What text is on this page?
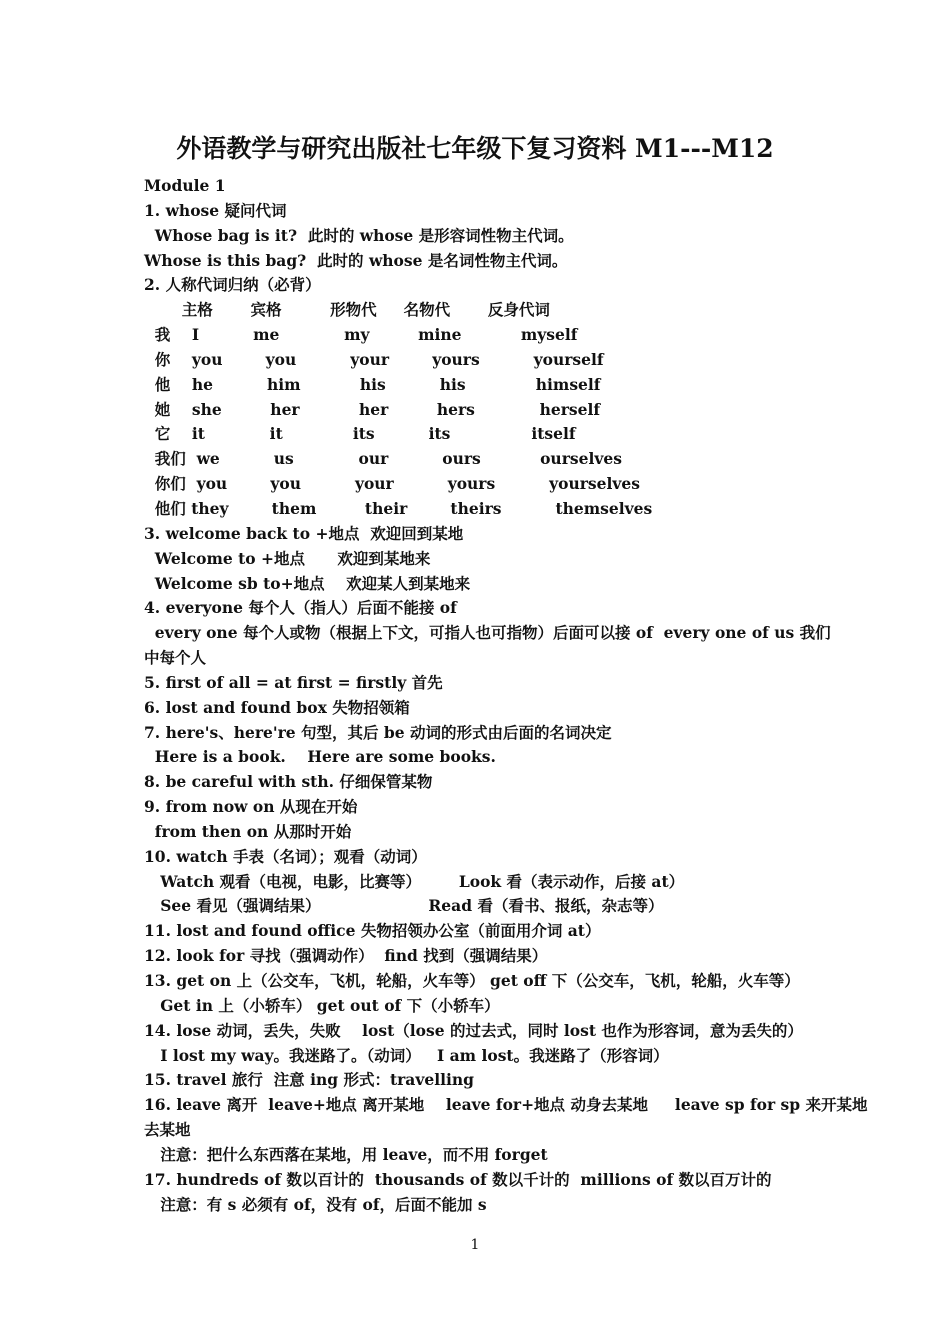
外语教学与研究出版社七年级下复习资料 M1---M12
Module 1
1. whose 疑问代词
Whose bag is it?  此时的 whose 是形容词性物主代词。
Whose is this bag?  此时的 whose 是名词性物主代词。
2. 人称代词归纳（必背）
主格       宾格         形物代     名物代       反身代词
我    I          me            my         mine           myself
你    you        you          your        yours          yourself
他    he          him           his          his             himself
她    she         her           her         hers            herself
它    it            it             its          its               itself
我们  we          us            our          ours           ourselves
你们  you        you          your          yours          yourselves
他们 they        them         their        theirs          themselves
3. welcome back to +地点  欢迎回到某地
Welcome to +地点      欢迎到某地来
Welcome sb to+地点    欢迎某人到某地来
4. everyone 每个人（指人）后面不能接 of
every one 每个人或物（根据上下文，可指人也可指物）后面可以接 of  every one of us 我们
中每个人
5. first of all = at first = firstly 首先
6. lost and found box 失物招领箱
7. here's、here're 句型，其后 be 动词的形式由后面的名词决定
Here is a book.    Here are some books.
8. be careful with sth. 仔细保管某物
9. from now on 从现在开始
from then on 从那时开始
10. watch 手表（名词）；观看（动词）
Watch 观看（电视，电影，比赛等）       Look 看（表示动作，后接 at）
See 看见（强调结果）                    Read 看（看书、报纸，杂志等）
11. lost and found office 失物招领办公室（前面用介词 at）
12. look for 寻找（强调动作）  find 找到（强调结果）
13. get on 上（公交车，飞机，轮船，火车等） get off 下（公交车，飞机，轮船，火车等）
Get in 上（小轿车） get out of 下（小轿车）
14. lose 动词，丢失，失败    lost（lose 的过去式，同时 lost 也作为形容词，意为丢失的）
I lost my way。我迷路了。（动词）   I am lost。我迷路了（形容词）
15. travel 旅行  注意 ing 形式：travelling
16. leave 离开  leave+地点 离开某地    leave for+地点 动身去某地     leave sp for sp 来开某地
去某地
注意：把什么东西落在某地，用 leave，而不用 forget
17. hundreds of 数以百计的  thousands of 数以千计的  millions of 数以百万计的
注意：有 s 必须有 of，没有 of，后面不能加 s
1
